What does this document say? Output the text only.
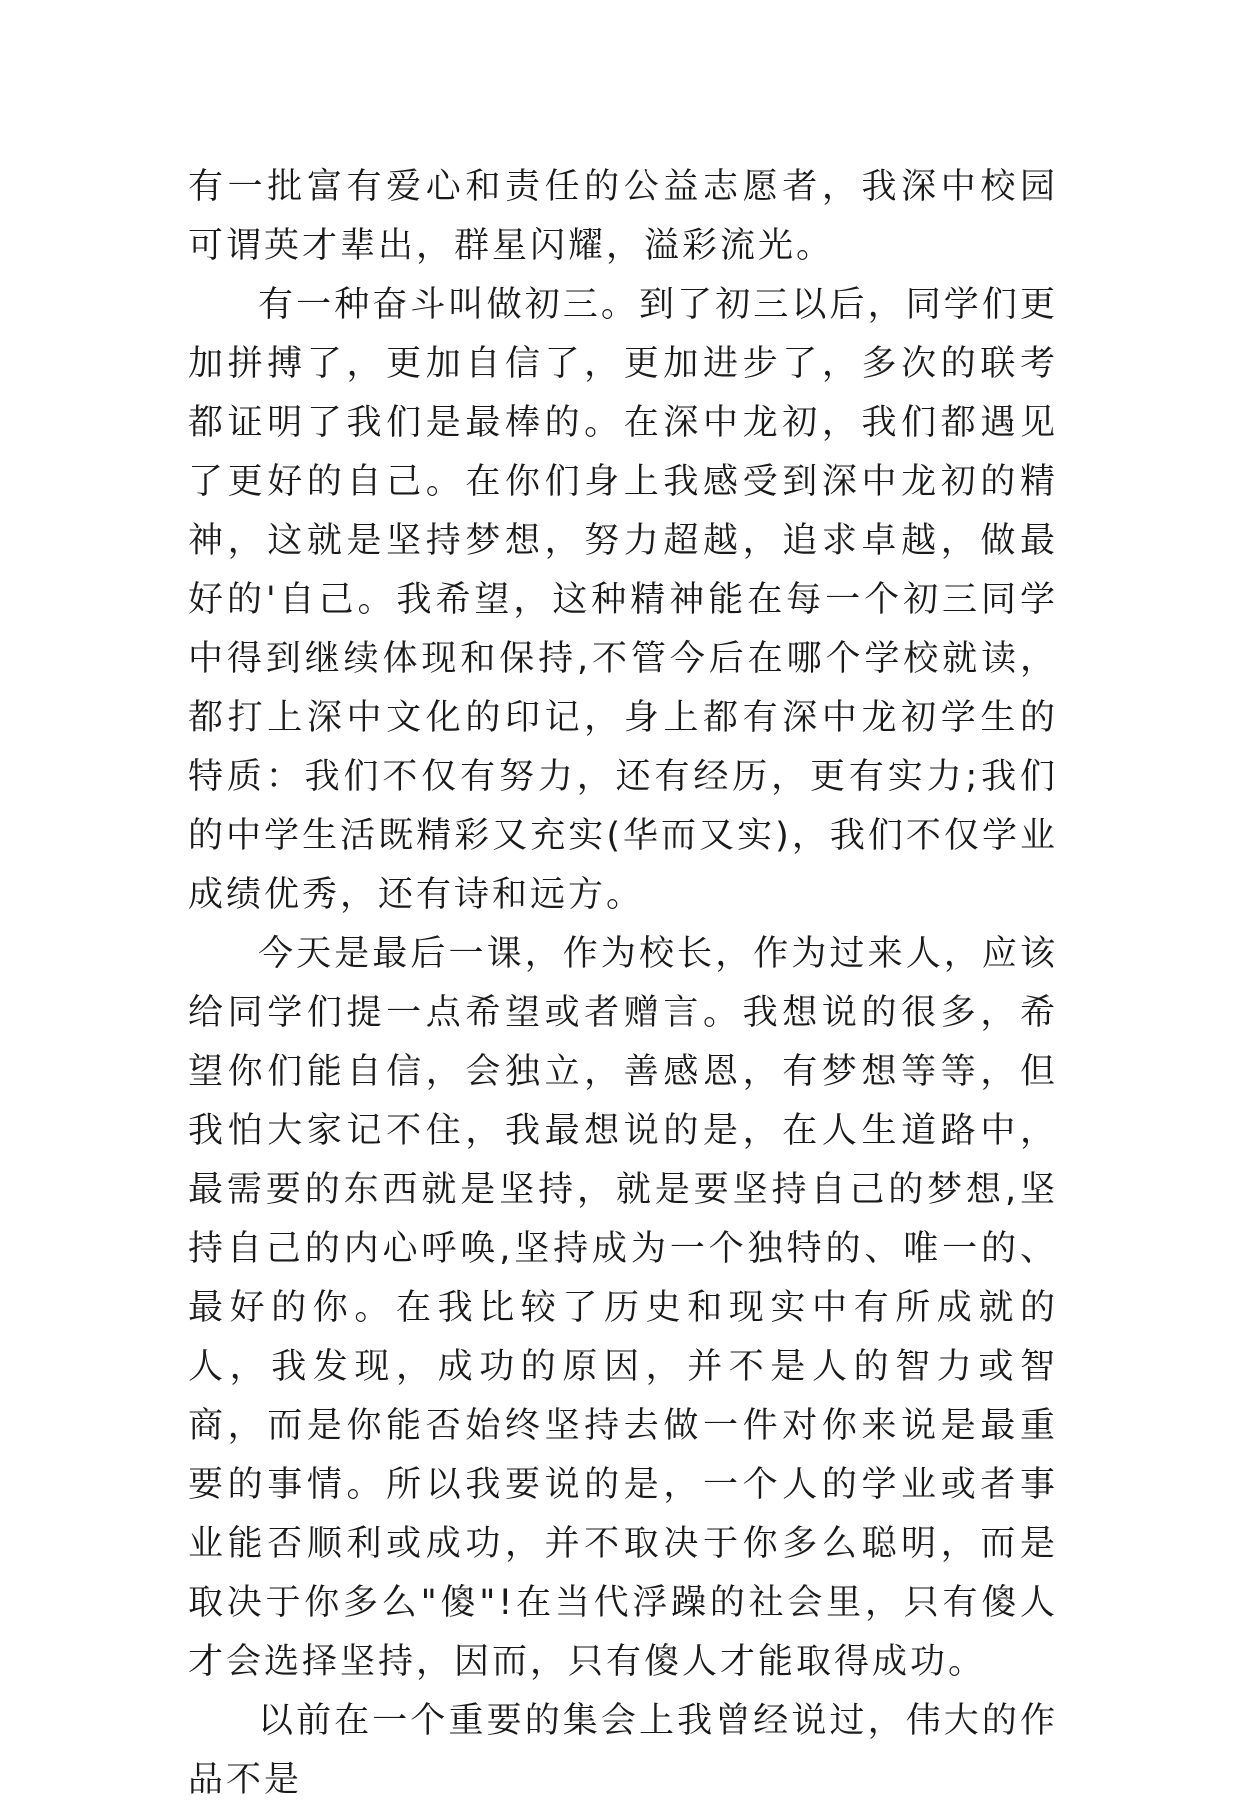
有一批富有爱心和责任的公益志愿者，我深中校园可谓英才辈出，群星闪耀，溢彩流光。

有一种奋斗叫做初三。到了初三以后，同学们更加拼搏了，更加自信了，更加进步了，多次的联考都证明了我们是最棒的。在深中龙初，我们都遇见了更好的自己。在你们身上我感受到深中龙初的精神，这就是坚持梦想，努力超越，追求卓越，做最好的'自己。我希望，这种精神能在每一个初三同学中得到继续体现和保持,不管今后在哪个学校就读，都打上深中文化的印记，身上都有深中龙初学生的特质：我们不仅有努力，还有经历，更有实力;我们的中学生活既精彩又充实(华而又实)，我们不仅学业成绩优秀，还有诗和远方。

今天是最后一课，作为校长，作为过来人，应该给同学们提一点希望或者赠言。我想说的很多，希望你们能自信，会独立，善感恩，有梦想等等，但我怕大家记不住，我最想说的是，在人生道路中，最需要的东西就是坚持，就是要坚持自己的梦想,坚持自己的内心呼唤,坚持成为一个独特的、唯一的、最好的你。在我比较了历史和现实中有所成就的人，我发现，成功的原因，并不是人的智力或智商，而是你能否始终坚持去做一件对你来说是最重要的事情。所以我要说的是，一个人的学业或者事业能否顺利或成功，并不取决于你多么聪明，而是取决于你多么"傻"!在当代浮躁的社会里，只有傻人才会选择坚持，因而，只有傻人才能取得成功。

以前在一个重要的集会上我曾经说过，伟大的作品不是
